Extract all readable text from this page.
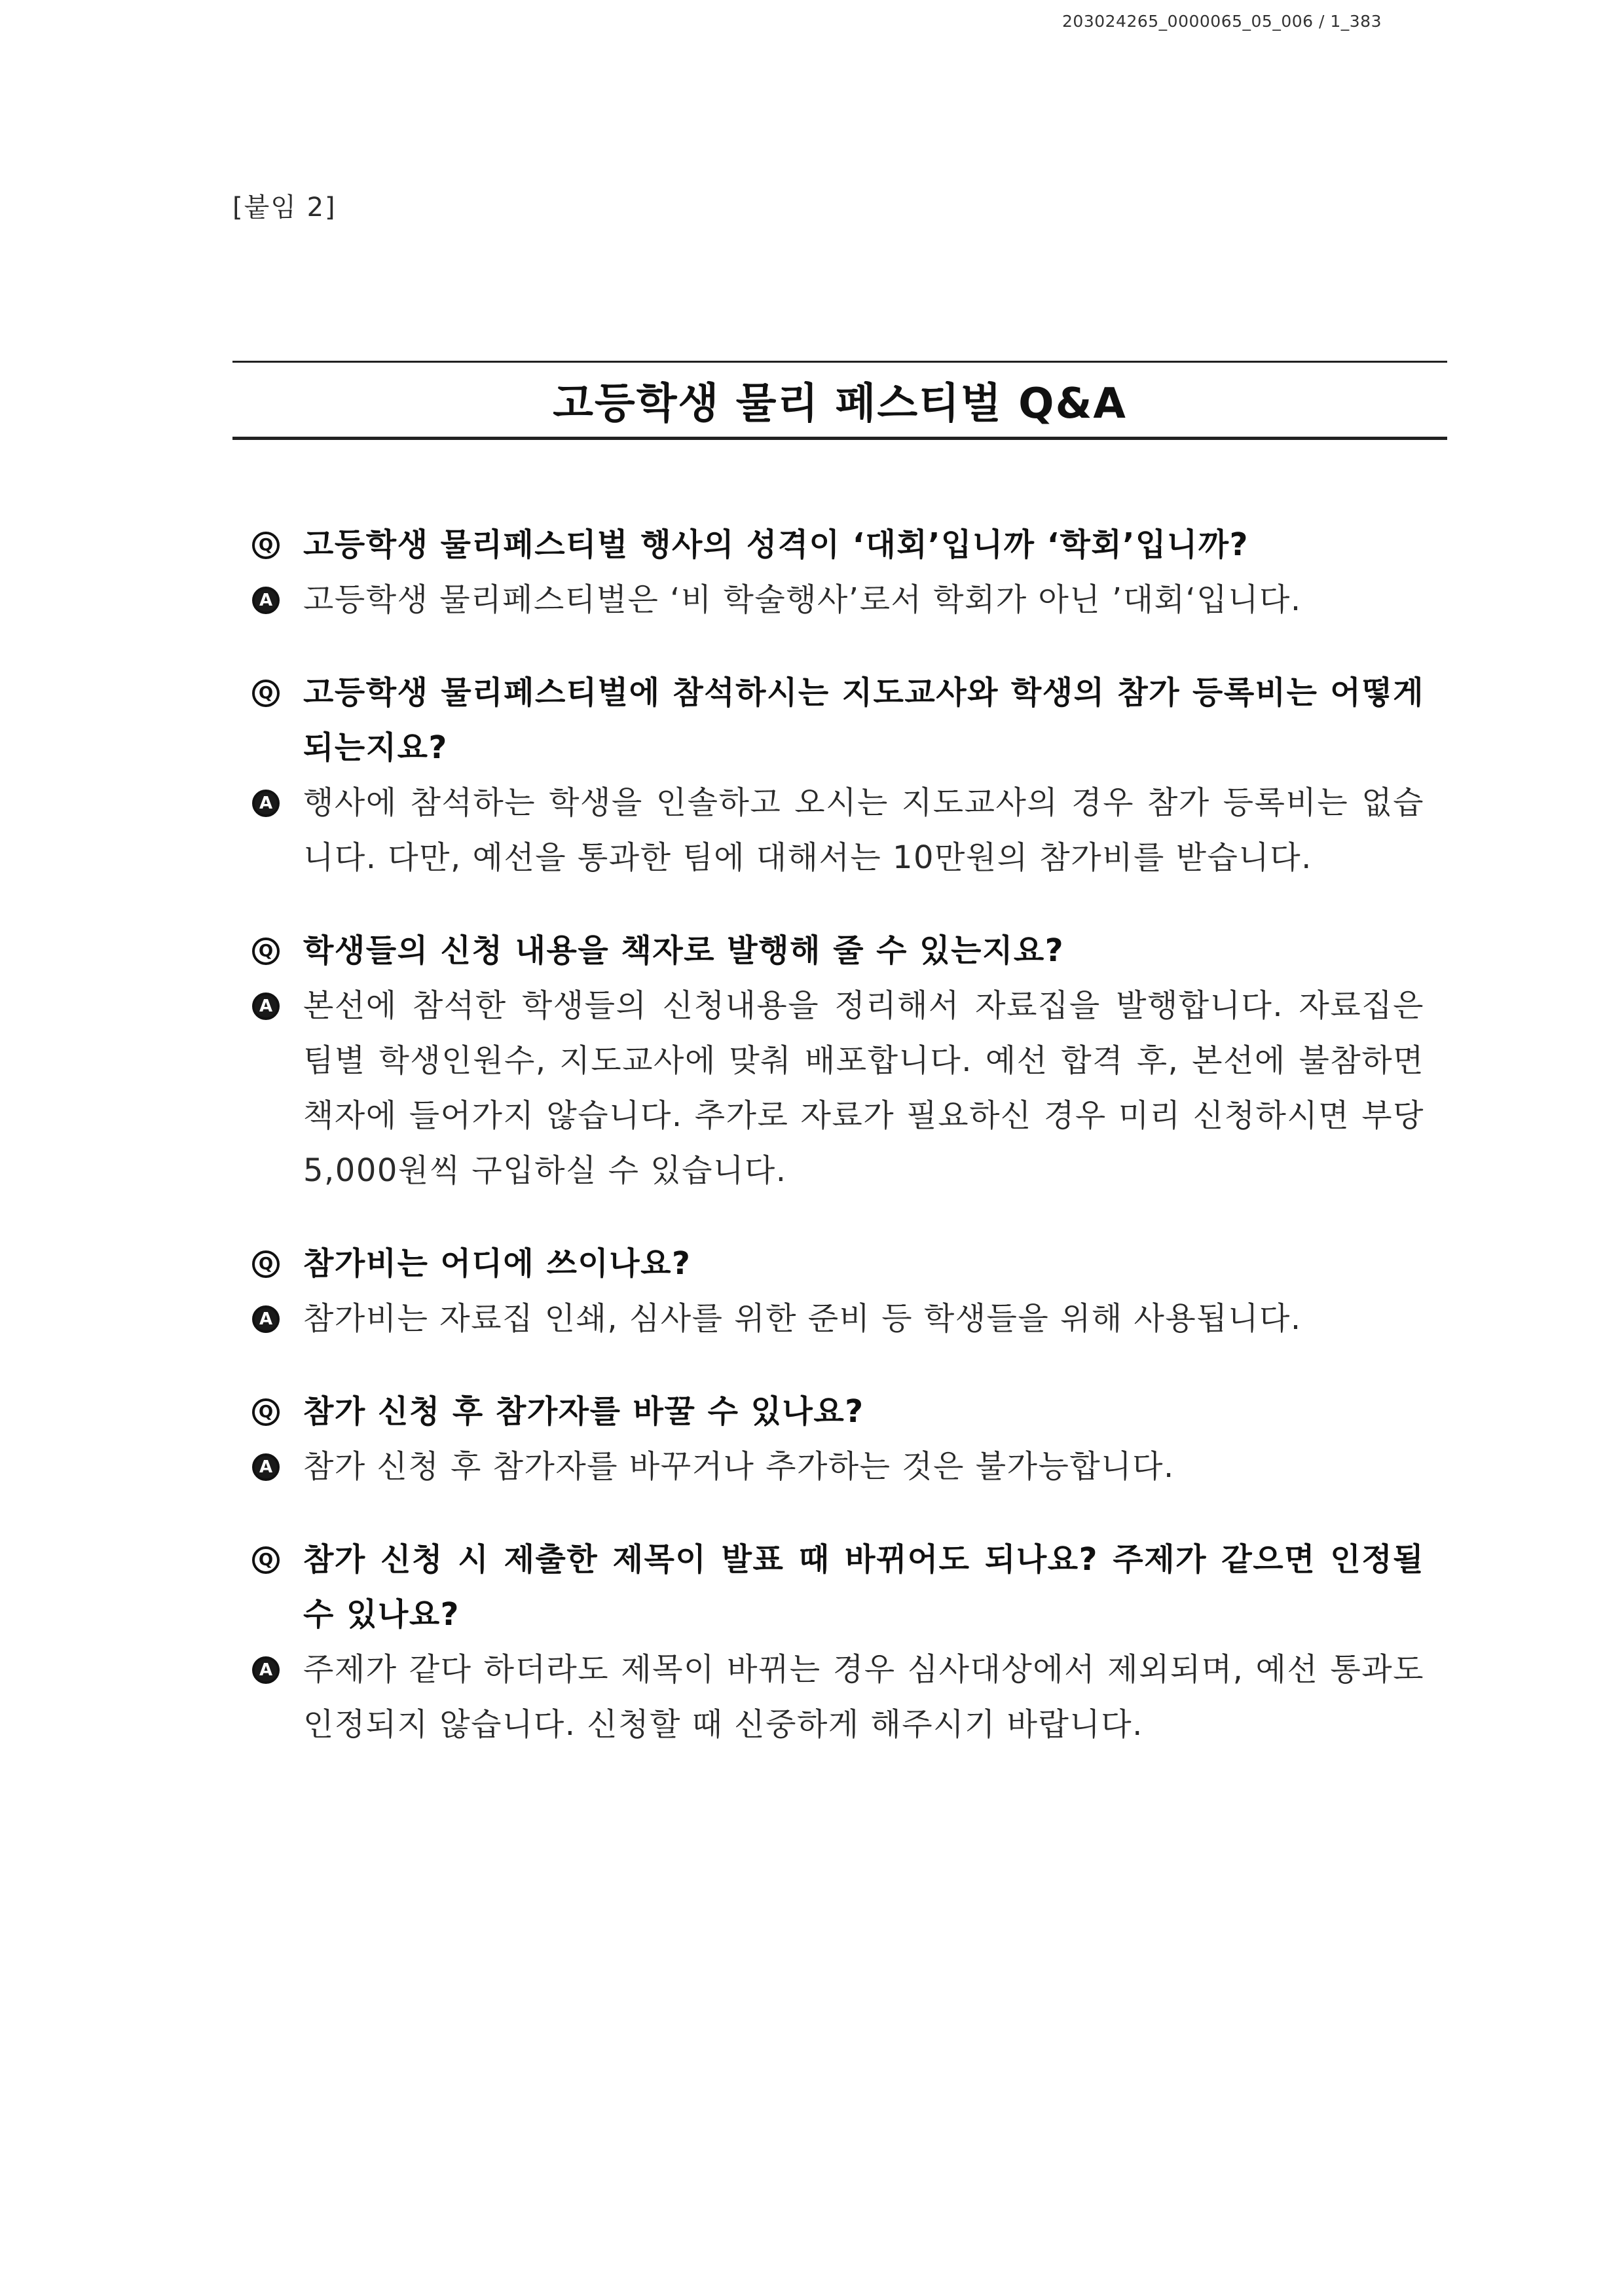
203024265_0000065_05_006 / 1_383
[붙임 2]
고등학생 물리 페스티벌 Q&A
Q 고등학생 물리페스티벌 행사의 성격이 ‘대회’입니까 ‘학회’입니까?
A 고등학생 물리페스티벌은 ‘비 학술행사’로서 학회가 아닌 ’대회‘입니다.
Q 고등학생 물리페스티벌에 참석하시는 지도교사와 학생의 참가 등록비는 어떻게 되는지요?
A 행사에 참석하는 학생을 인솔하고 오시는 지도교사의 경우 참가 등록비는 없습니다. 다만, 예선을 통과한 팀에 대해서는 10만원의 참가비를 받습니다.
Q 학생들의 신청 내용을 책자로 발행해 줄 수 있는지요?
A 본선에 참석한 학생들의 신청내용을 정리해서 자료집을 발행합니다. 자료집은 팀별 학생인원수, 지도교사에 맞춰 배포합니다. 예선 합격 후, 본선에 불참하면 책자에 들어가지 않습니다. 추가로 자료가 필요하신 경우 미리 신청하시면 부당 5,000원씩 구입하실 수 있습니다.
Q 참가비는 어디에 쓰이나요?
A 참가비는 자료집 인쇄, 심사를 위한 준비 등 학생들을 위해 사용됩니다.
Q 참가 신청 후 참가자를 바꿀 수 있나요?
A 참가 신청 후 참가자를 바꾸거나 추가하는 것은 불가능합니다.
Q 참가 신청 시 제출한 제목이 발표 때 바뀌어도 되나요? 주제가 같으면 인정될 수 있나요?
A 주제가 같다 하더라도 제목이 바뀌는 경우 심사대상에서 제외되며, 예선 통과도 인정되지 않습니다. 신청할 때 신중하게 해주시기 바랍니다.
